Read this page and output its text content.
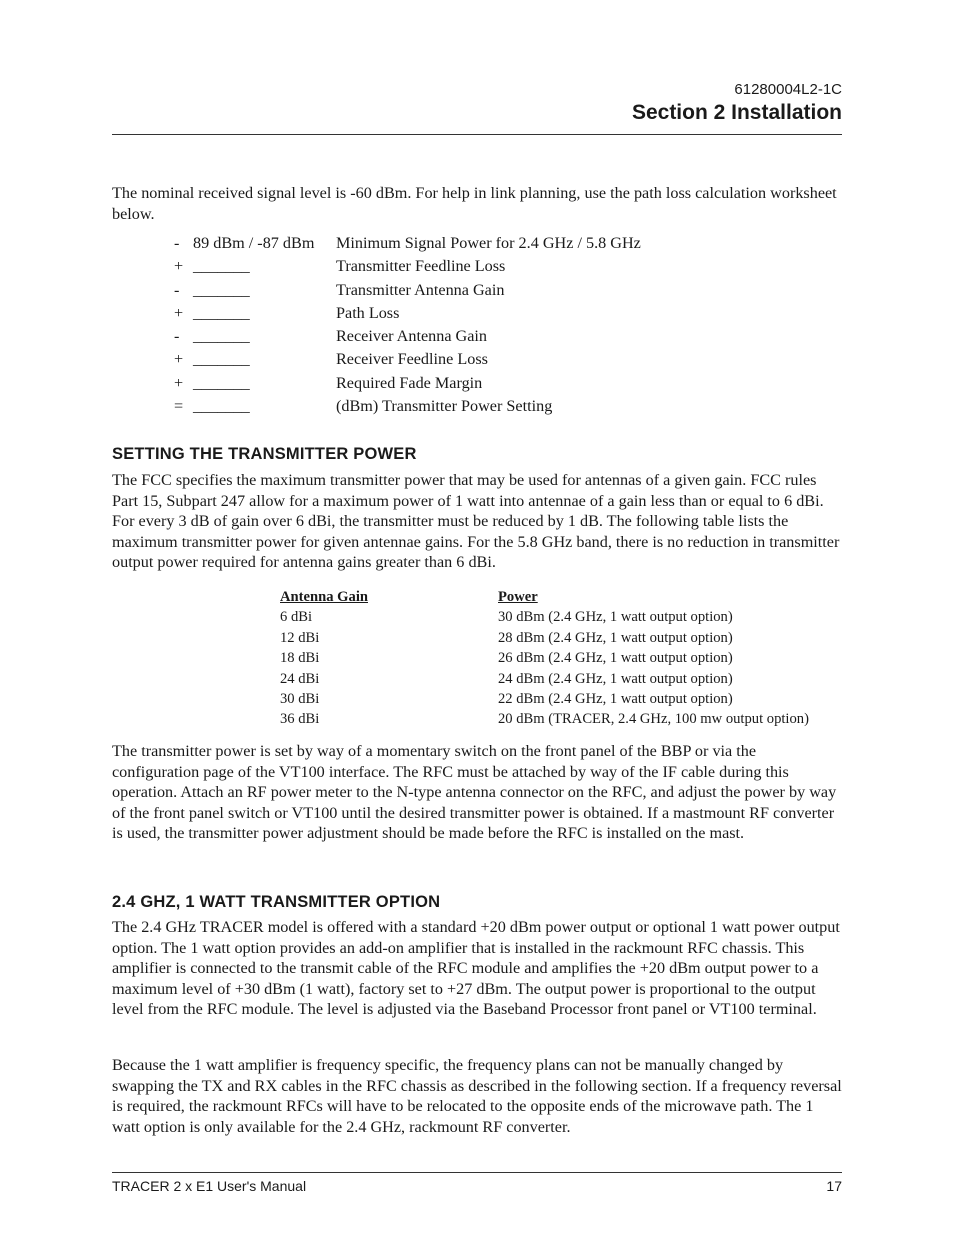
61280004L2-1C
Section 2 Installation

The nominal received signal level is -60 dBm. For help in link planning, use the path loss calculation worksheet below.

- 89 dBm / -87 dBm Minimum Signal Power for 2.4 GHz / 5.8 GHz
+ _______	Transmitter Feedline Loss
- _______	Transmitter Antenna Gain
+ _______	Path Loss
- _______	Receiver Antenna Gain
+ _______	Receiver Feedline Loss
+ _______	Required Fade Margin
= _______	(dBm) Transmitter Power Setting
SETTING THE TRANSMITTER POWER

The FCC specifies the maximum transmitter power that may be used for antennas of a given gain. FCC rules Part 15, Subpart 247 allow for a maximum power of 1 watt into antennae of a gain less than or equal to 6 dBi. For every 3 dB of gain over 6 dBi, the transmitter must be reduced by 1 dB. The following table lists the maximum transmitter power for given antennae gains. For the 5.8 GHz band, there is no reduction in transmitter output power required for antenna gains greater than 6 dBi.

Antenna Gain	Power
6 dBi	30 dBm (2.4 GHz, 1 watt output option)
12 dBi	28 dBm (2.4 GHz, 1 watt output option)
18 dBi	26 dBm (2.4 GHz, 1 watt output option)
24 dBi	24 dBm (2.4 GHz, 1 watt output option)
30 dBi	22 dBm (2.4 GHz, 1 watt output option)
36 dBi	20 dBm (TRACER, 2.4 GHz, 100 mw output option)

The transmitter power is set by way of a momentary switch on the front panel of the BBP or via the configuration page of the VT100 interface. The RFC must be attached by way of the IF cable during this operation. Attach an RF power meter to the N-type antenna connector on the RFC, and adjust the power by way of the front panel switch or VT100 until the desired transmitter power is obtained. If a mastmount RF converter is used, the transmitter power adjustment should be made before the RFC is installed on the mast.

2.4 GHZ, 1 WATT TRANSMITTER OPTION

The 2.4 GHz TRACER model is offered with a standard +20 dBm power output or optional 1 watt power output option. The 1 watt option provides an add-on amplifier that is installed in the rackmount RFC chassis. This amplifier is connected to the transmit cable of the RFC module and amplifies the +20 dBm output power to a maximum level of +30 dBm (1 watt), factory set to +27 dBm. The output power is proportional to the output level from the RFC module. The level is adjusted via the Baseband Processor front panel or VT100 terminal.

Because the 1 watt amplifier is frequency specific, the frequency plans can not be manually changed by swapping the TX and RX cables in the RFC chassis as described in the following section. If a frequency reversal is required, the rackmount RFCs will have to be relocated to the opposite ends of the microwave path. The 1 watt option is only available for the 2.4 GHz, rackmount RF converter.

TRACER 2 x E1 User's Manual	17
